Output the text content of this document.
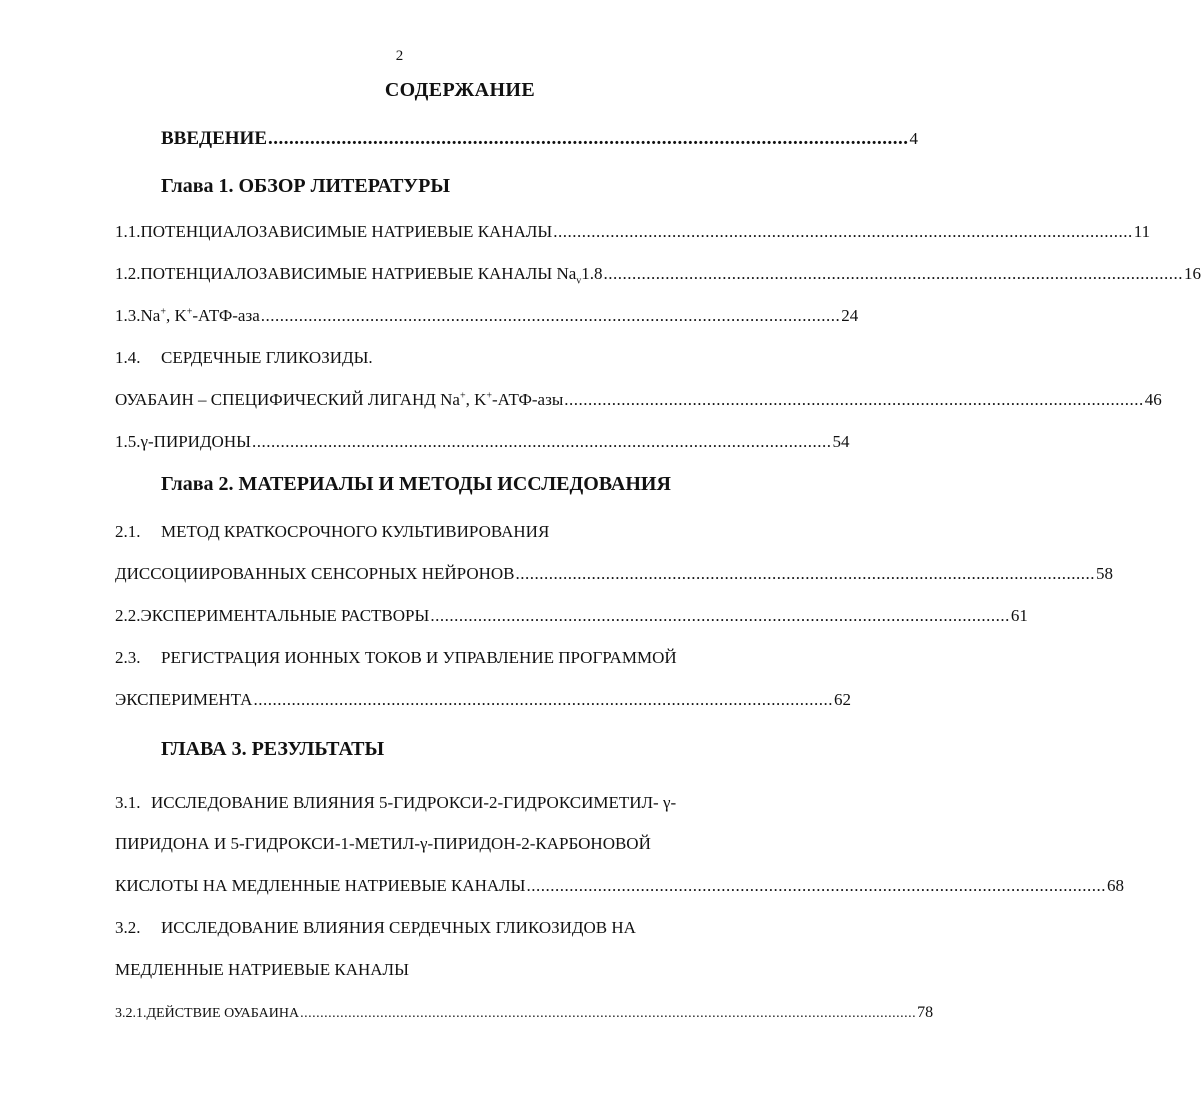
2
СОДЕРЖАНИЕ
ВВЕДЕНИЕ .......................................................................................................................... 4
Глава 1. ОБЗОР ЛИТЕРАТУРЫ
1.1. ПОТЕНЦИАЛОЗАВИСИМЫЕ НАТРИЕВЫЕ КАНАЛЫ .......................................................................................................................... 11
1.2. ПОТЕНЦИАЛОЗАВИСИМЫЕ НАТРИЕВЫЕ КАНАЛЫ $Na_v1.8$ .......................................................................................................................... 16
1.3. Na+, K+-АТФ-аза .......................................................................................................................... 24
1.4.	СЕРДЕЧНЫЕ ГЛИКОЗИДЫ.
ОУАБАИН – СПЕЦИФИЧЕСКИЙ ЛИГАНД Na+, K+-АТФ-азы .......................................................................................................................... 46
1.5. γ-ПИРИДОНЫ .......................................................................................................................... 54
Глава 2. МАТЕРИАЛЫ И МЕТОДЫ ИССЛЕДОВАНИЯ
2.1.	МЕТОД КРАТКОСРОЧНОГО КУЛЬТИВИРОВАНИЯ
ДИССОЦИИРОВАННЫХ СЕНСОРНЫХ НЕЙРОНОВ .......................................................................................................................... 58
2.2. ЭКСПЕРИМЕНТАЛЬНЫЕ РАСТВОРЫ .......................................................................................................................... 61
2.3.	РЕГИСТРАЦИЯ ИОННЫХ ТОКОВ И УПРАВЛЕНИЕ ПРОГРАММОЙ
ЭКСПЕРИМЕНТА .......................................................................................................................... 62
ГЛАВА 3. РЕЗУЛЬТАТЫ
3.1. ИССЛЕДОВАНИЕ ВЛИЯНИЯ 5-ГИДРОКСИ-2-ГИДРОКСИМЕТИЛ- γ-
ПИРИДОНА И 5-ГИДРОКСИ-1-МЕТИЛ-γ-ПИРИДОН-2-КАРБОНОВОЙ
КИСЛОТЫ НА МЕДЛЕННЫЕ НАТРИЕВЫЕ КАНАЛЫ .......................................................................................................................... 68
3.2.	ИССЛЕДОВАНИЕ ВЛИЯНИЯ СЕРДЕЧНЫХ ГЛИКОЗИДОВ НА
МЕДЛЕННЫЕ НАТРИЕВЫЕ КАНАЛЫ
3.2.1. ДЕЙСТВИЕ ОУАБАИНА .......................................................................................................................................................... 78
